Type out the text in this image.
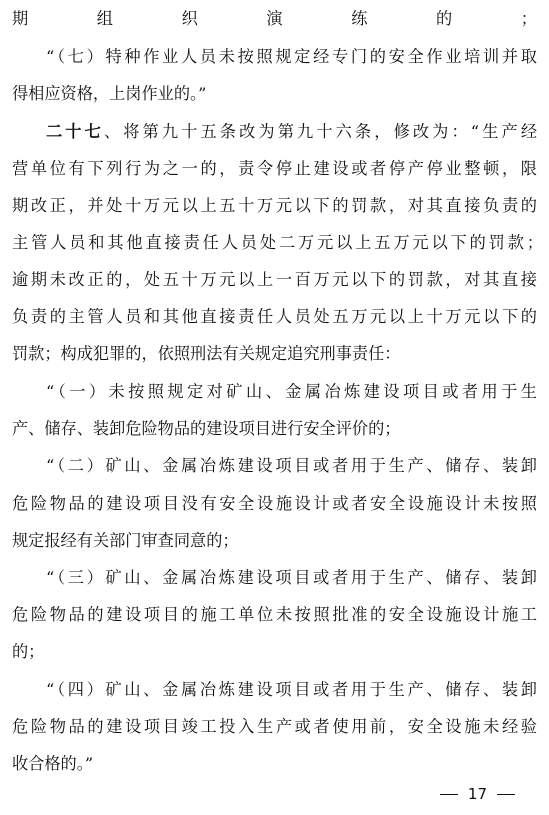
期组织演练的；
“（七）特种作业人员未按照规定经专门的安全作业培训并取
得相应资格，上岗作业的。”
二十七、将第九十五条改为第九十六条，修改为：“生产经
营单位有下列行为之一的，责令停止建设或者停产停业整顿，限
期改正，并处十万元以上五十万元以下的罚款，对其直接负责的
主管人员和其他直接责任人员处二万元以上五万元以下的罚款；
逾期未改正的，处五十万元以上一百万元以下的罚款，对其直接
负责的主管人员和其他直接责任人员处五万元以上十万元以下的
罚款；构成犯罪的，依照刑法有关规定追究刑事责任：
“（一）未按照规定对矿山、金属冶炼建设项目或者用于生
产、储存、装卸危险物品的建设项目进行安全评价的；
“（二）矿山、金属冶炼建设项目或者用于生产、储存、装卸
危险物品的建设项目没有安全设施设计或者安全设施设计未按照
规定报经有关部门审查同意的；
“（三）矿山、金属冶炼建设项目或者用于生产、储存、装卸
危险物品的建设项目的施工单位未按照批准的安全设施设计施工
的；
“（四）矿山、金属冶炼建设项目或者用于生产、储存、装卸
危险物品的建设项目竣工投入生产或者使用前，安全设施未经验
收合格的。”
17
